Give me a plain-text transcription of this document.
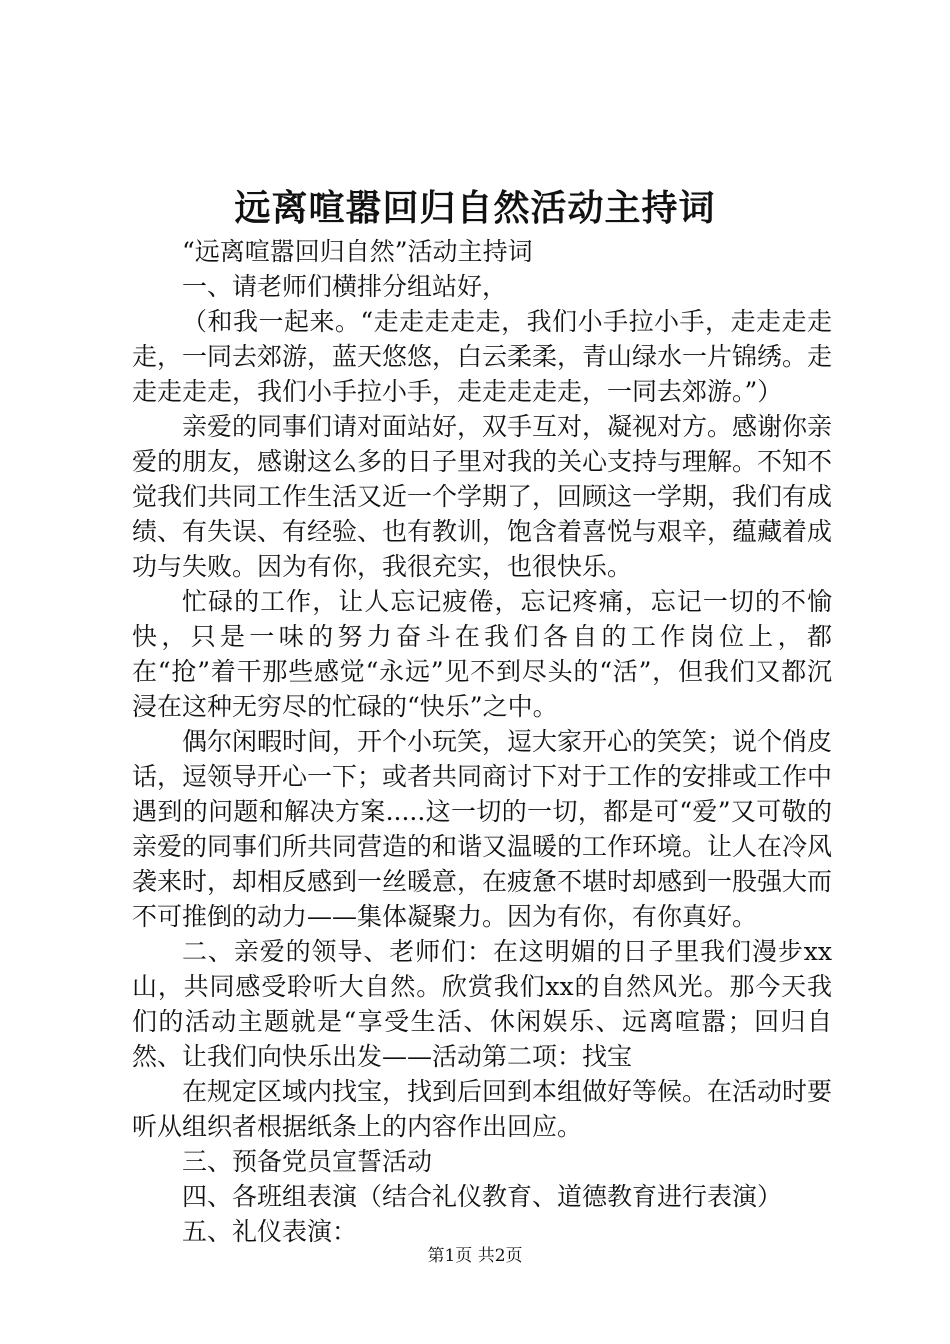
远离喧嚣回归自然活动主持词

“远离喧嚣回归自然”活动主持词

一、请老师们横排分组站好，

（和我一起来。“走走走走走，我们小手拉小手，走走走走走，一同去郊游，蓝天悠悠，白云柔柔，青山绿水一片锦绣。走走走走走，我们小手拉小手，走走走走走，一同去郊游。”）

亲爱的同事们请对面站好，双手互对，凝视对方。感谢你亲爱的朋友，感谢这么多的日子里对我的关心支持与理解。不知不觉我们共同工作生活又近一个学期了，回顾这一学期，我们有成绩、有失误、有经验、也有教训，饱含着喜悦与艰辛，蕴藏着成功与失败。因为有你，我很充实，也很快乐。

忙碌的工作，让人忘记疲倦，忘记疼痛，忘记一切的不愉快，只是一味的努力奋斗在我们各自的工作岗位上，都在“抢”着干那些感觉“永远”见不到尽头的“活”，但我们又都沉浸在这种无穷尽的忙碌的“快乐”之中。

偶尔闲暇时间，开个小玩笑，逗大家开心的笑笑；说个俏皮话，逗领导开心一下；或者共同商讨下对于工作的安排或工作中遇到的问题和解决方案.....这一切的一切，都是可“爱”又可敬的亲爱的同事们所共同营造的和谐又温暖的工作环境。让人在冷风袭来时，却相反感到一丝暖意，在疲惫不堪时却感到一股强大而不可推倒的动力——集体凝聚力。因为有你，有你真好。

二、亲爱的领导、老师们：在这明媚的日子里我们漫步xx山，共同感受聆听大自然。欣赏我们xx的自然风光。那今天我们的活动主题就是“享受生活、休闲娱乐、远离喧嚣；回归自然、让我们向快乐出发——活动第二项：找宝

在规定区域内找宝，找到后回到本组做好等候。在活动时要听从组织者根据纸条上的内容作出回应。

三、预备党员宣誓活动

四、各班组表演（结合礼仪教育、道德教育进行表演）

五、礼仪表演：

第1页 共2页
